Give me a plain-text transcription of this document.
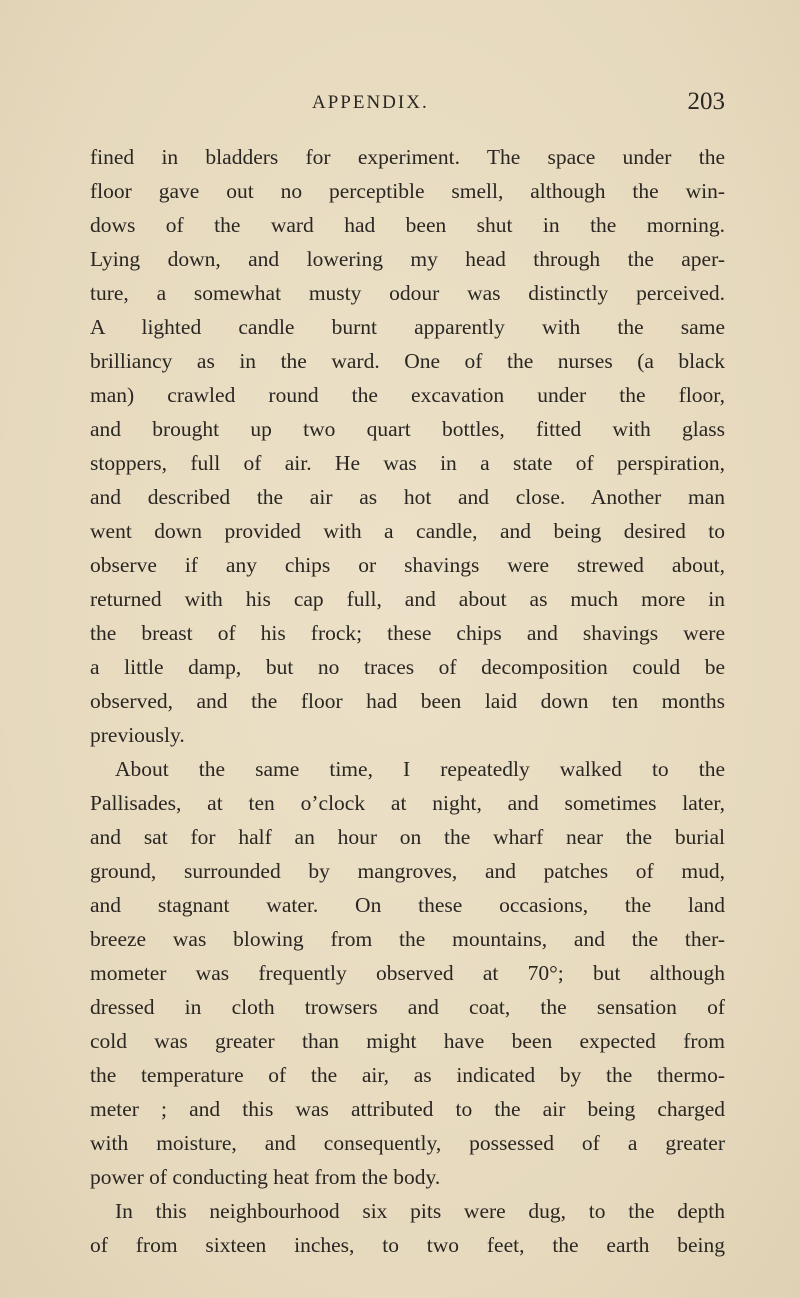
APPENDIX.	203
fined in bladders for experiment. The space under the
floor gave out no perceptible smell, although the win-
dows of the ward had been shut in the morning.
Lying down, and lowering my head through the aper-
ture, a somewhat musty odour was distinctly perceived.
A lighted candle burnt apparently with the same
brilliancy as in the ward. One of the nurses (a black
man) crawled round the excavation under the floor,
and brought up two quart bottles, fitted with glass
stoppers, full of air. He was in a state of perspiration,
and described the air as hot and close. Another man
went down provided with a candle, and being desired to
observe if any chips or shavings were strewed about,
returned with his cap full, and about as much more in
the breast of his frock; these chips and shavings were
a little damp, but no traces of decomposition could be
observed, and the floor had been laid down ten months
previously.
About the same time, I repeatedly walked to the
Pallisades, at ten o’clock at night, and sometimes later,
and sat for half an hour on the wharf near the burial
ground, surrounded by mangroves, and patches of mud,
and stagnant water. On these occasions, the land
breeze was blowing from the mountains, and the ther-
mometer was frequently observed at 70°; but although
dressed in cloth trowsers and coat, the sensation of
cold was greater than might have been expected from
the temperature of the air, as indicated by the thermo-
meter ; and this was attributed to the air being charged
with moisture, and consequently, possessed of a greater
power of conducting heat from the body.
In this neighbourhood six pits were dug, to the depth
of from sixteen inches, to two feet, the earth being
